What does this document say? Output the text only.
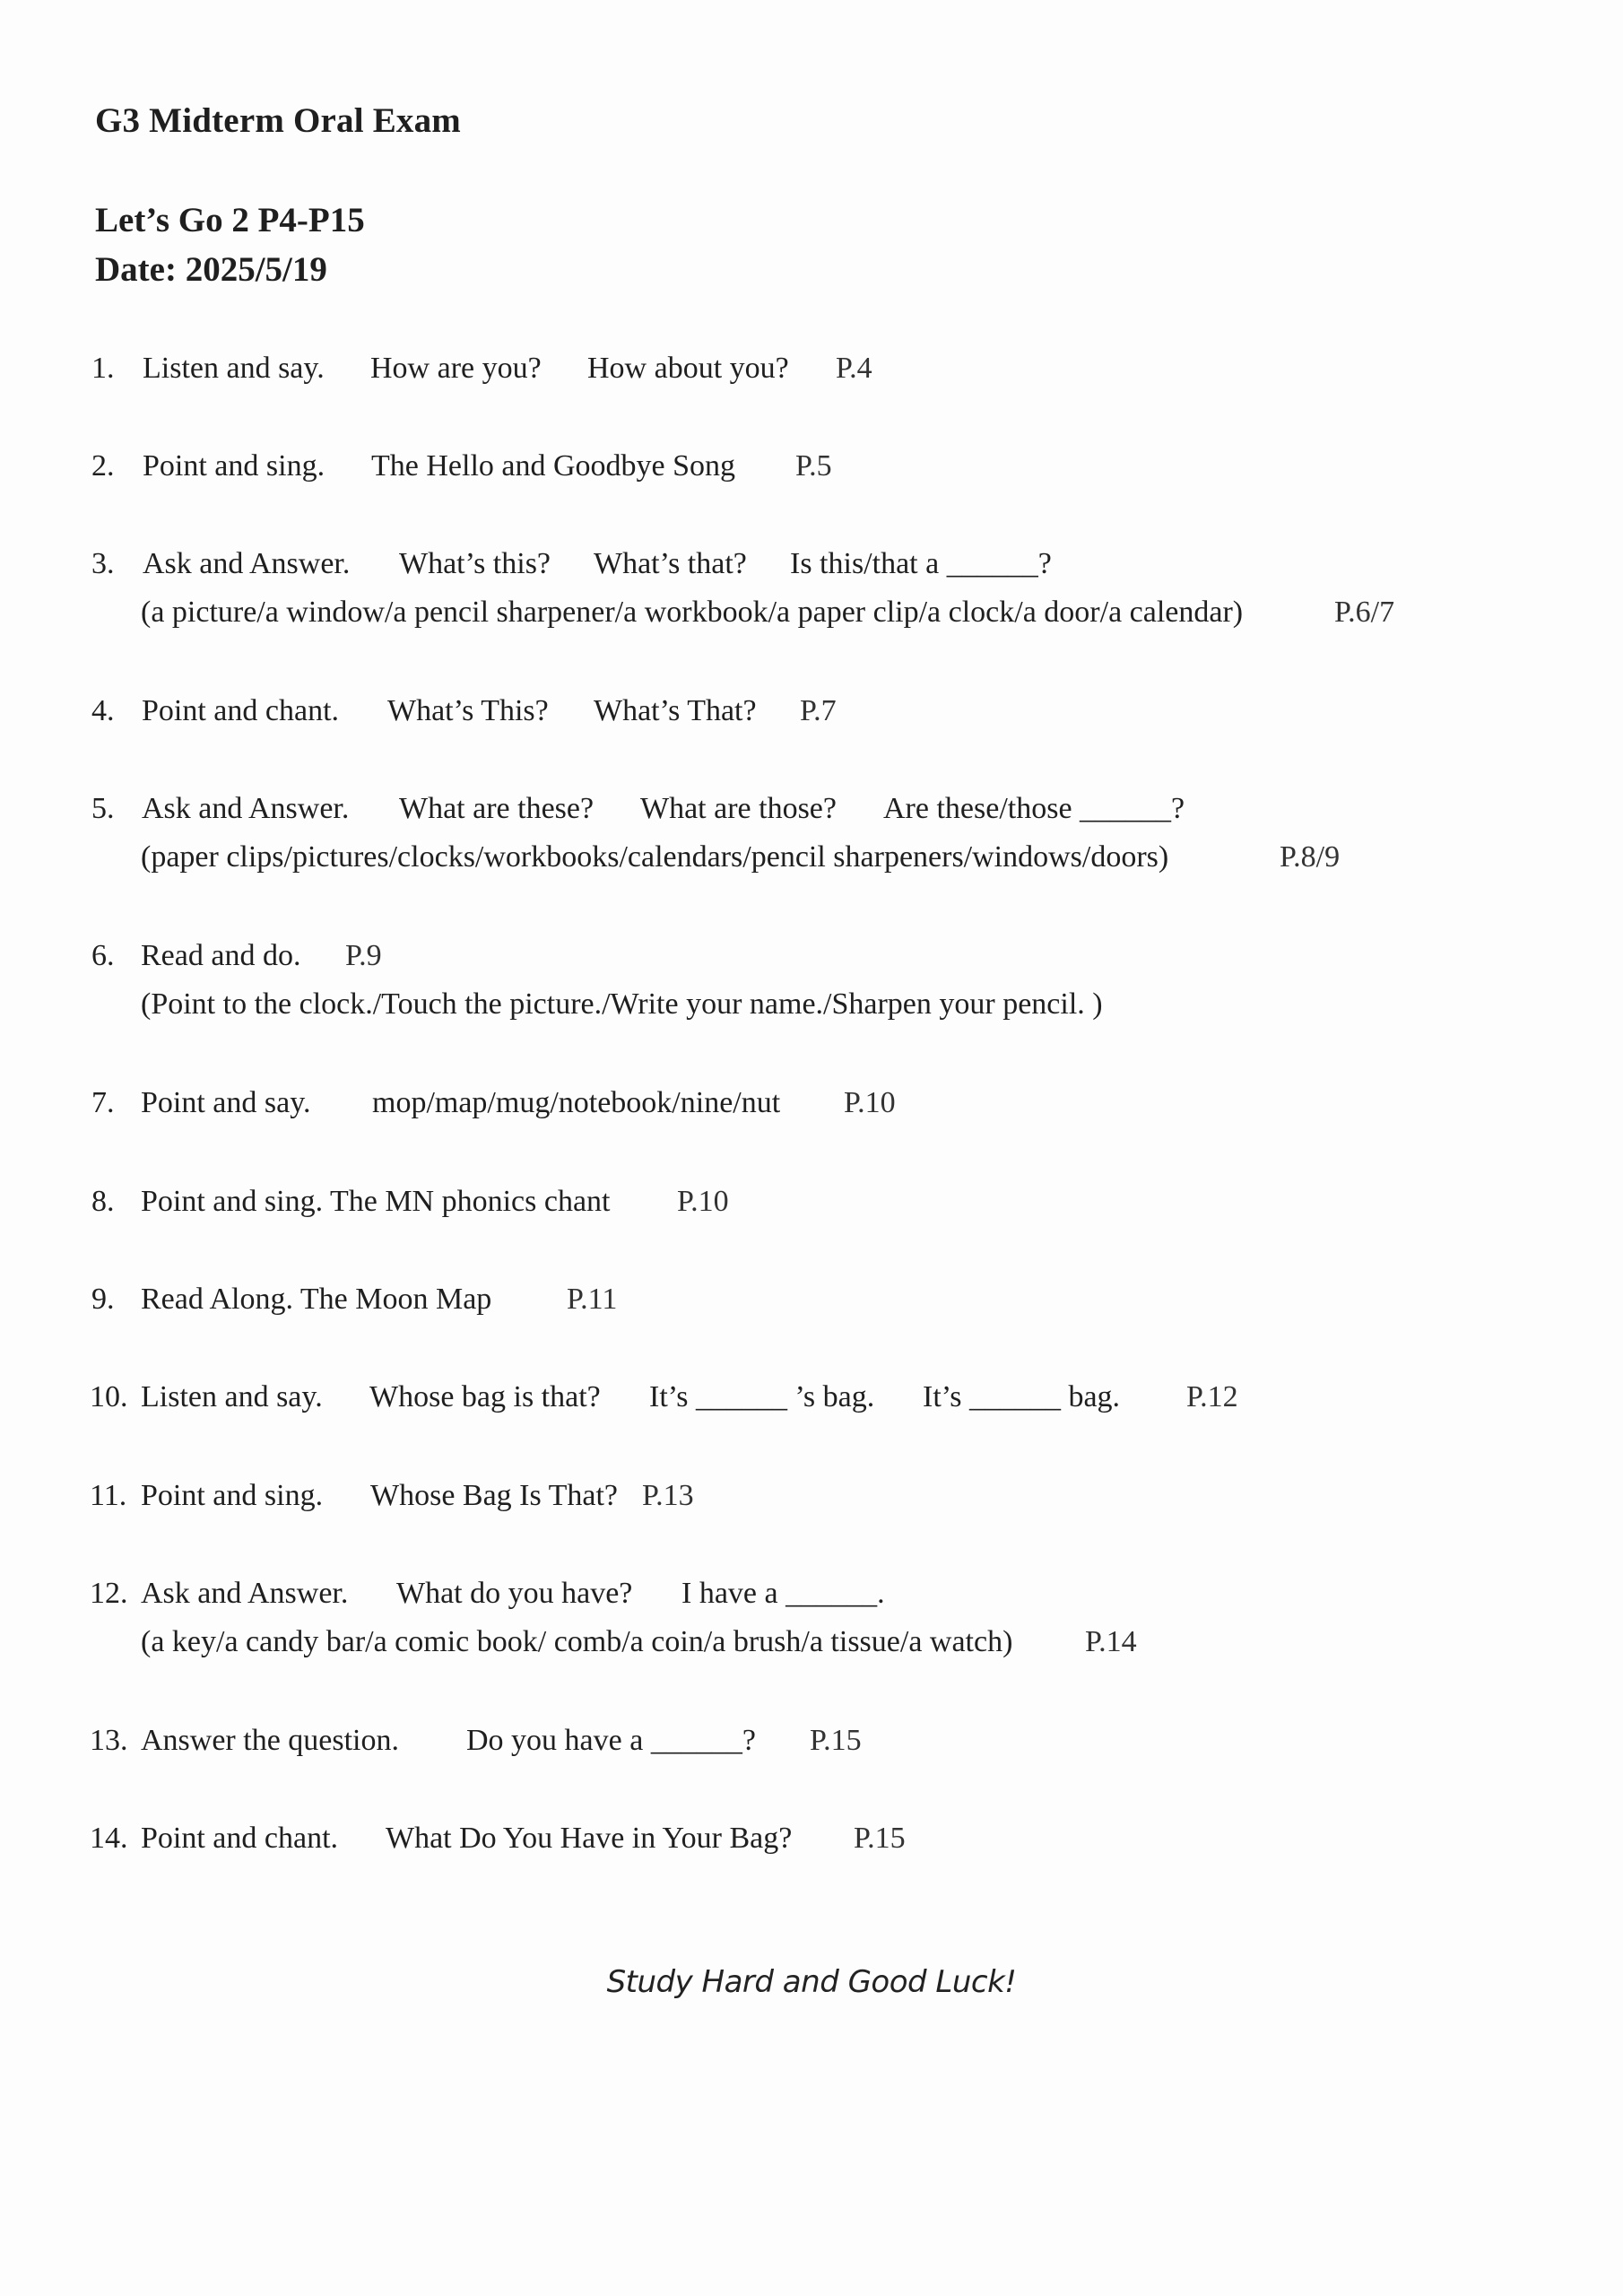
G3 Midterm Oral Exam
Let’s Go 2 P4-P15
Date: 2025/5/19
1. Listen and say. How are you? How about you? P.4
2. Point and sing. The Hello and Goodbye Song P.5
3. Ask and Answer. What’s this? What’s that? Is this/that a ______?
(a picture/a window/a pencil sharpener/a workbook/a paper clip/a clock/a door/a calendar)	P.6/7
4. Point and chant. What’s This? What’s That? P.7
5. Ask and Answer. What are these? What are those? Are these/those ______?
(paper clips/pictures/clocks/workbooks/calendars/pencil sharpeners/windows/doors)	P.8/9
6. Read and do. P.9
(Point to the clock./Touch the picture./Write your name./Sharpen your pencil. )
7. Point and say. mop/map/mug/notebook/nine/nut P.10
8. Point and sing. The MN phonics chant P.10
9. Read Along. The Moon Map P.11
10. Listen and say. Whose bag is that? It’s ______ ’s bag. It’s ______ bag. P.12
11. Point and sing. Whose Bag Is That? P.13
12. Ask and Answer. What do you have? I have a ______.
(a key/a candy bar/a comic book/ comb/a coin/a brush/a tissue/a watch) P.14
13. Answer the question. Do you have a ______? P.15
14. Point and chant. What Do You Have in Your Bag? P.15
Study Hard and Good Luck!
